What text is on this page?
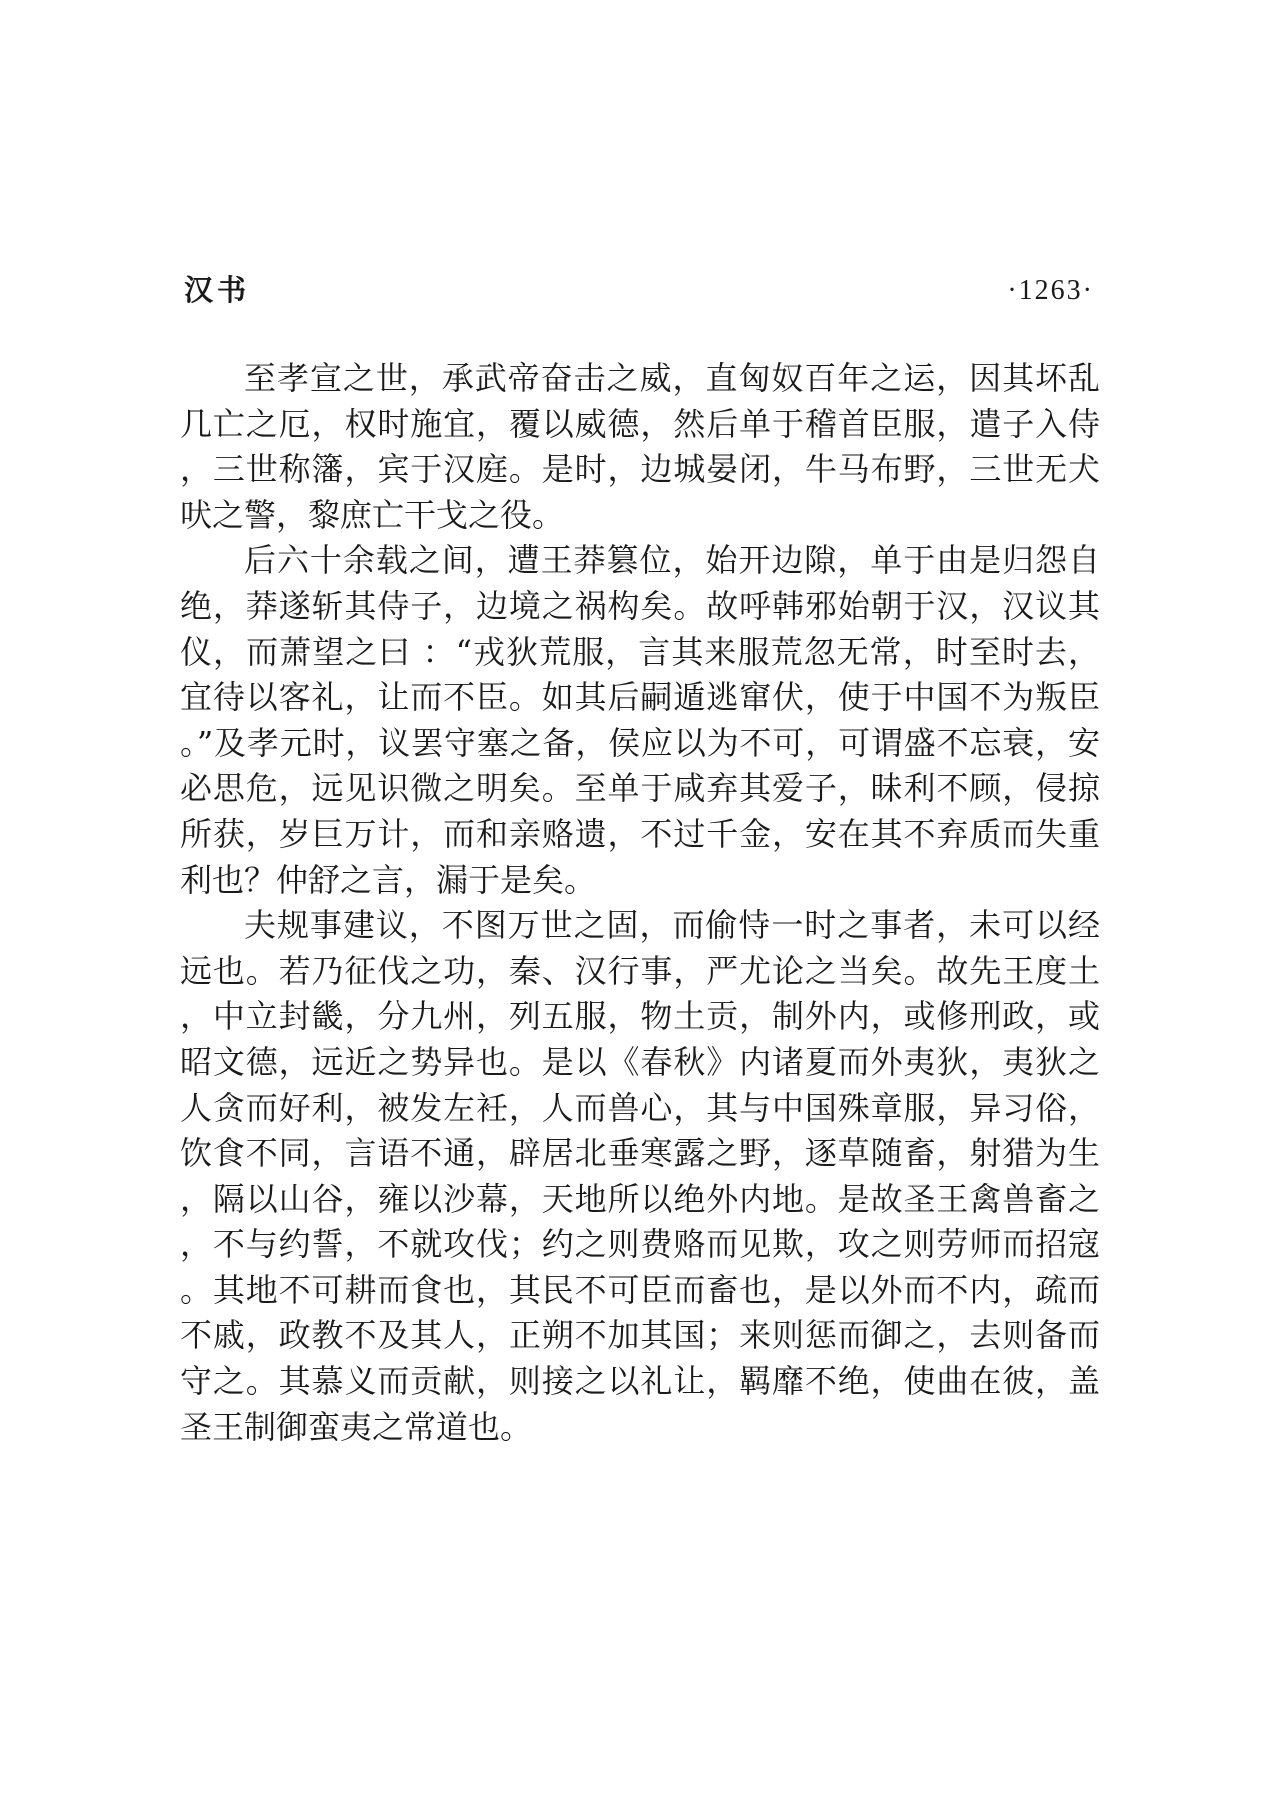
汉书	·1263·

至孝宣之世，承武帝奋击之威，直匈奴百年之运，因其坏乱几亡之厄，权时施宜，覆以威德，然后单于稽首臣服，遣子入侍，三世称籓，宾于汉庭。是时，边城晏闭，牛马布野，三世无犬吠之警，黎庶亡干戈之役。

后六十余载之间，遭王莽篡位，始开边隙，单于由是归怨自绝，莽遂斩其侍子，边境之祸构矣。故呼韩邪始朝于汉，汉议其仪，而萧望之曰 ：“戎狄荒服，言其来服荒忽无常，时至时去，宜待以客礼，让而不臣。如其后嗣遁逃窜伏，使于中国不为叛臣 。”及孝元时，议罢守塞之备，侯应以为不可，可谓盛不忘衰，安必思危，远见识微之明矣。至单于咸弃其爱子，昧利不顾，侵掠所获，岁巨万计，而和亲赂遗，不过千金，安在其不弃质而失重利也？仲舒之言，漏于是矣。

夫规事建议，不图万世之固，而偷恃一时之事者，未可以经远也。若乃征伐之功，秦、汉行事，严尤论之当矣。故先王度土，中立封畿，分九州，列五服，物土贡，制外内，或修刑政，或昭文德，远近之势异也。是以《春秋》内诸夏而外夷狄，夷狄之人贪而好利，被发左衽，人而兽心，其与中国殊章服，异习俗，饮食不同，言语不通，辟居北垂寒露之野，逐草随畜，射猎为生，隔以山谷，雍以沙幕，天地所以绝外内地。是故圣王禽兽畜之，不与约誓，不就攻伐；约之则费赂而见欺，攻之则劳师而招寇。其地不可耕而食也，其民不可臣而畜也，是以外而不内，疏而不戚，政教不及其人，正朔不加其国；来则惩而御之，去则备而守之。其慕义而贡献，则接之以礼让，羁靡不绝，使曲在彼，盖圣王制御蛮夷之常道也。
